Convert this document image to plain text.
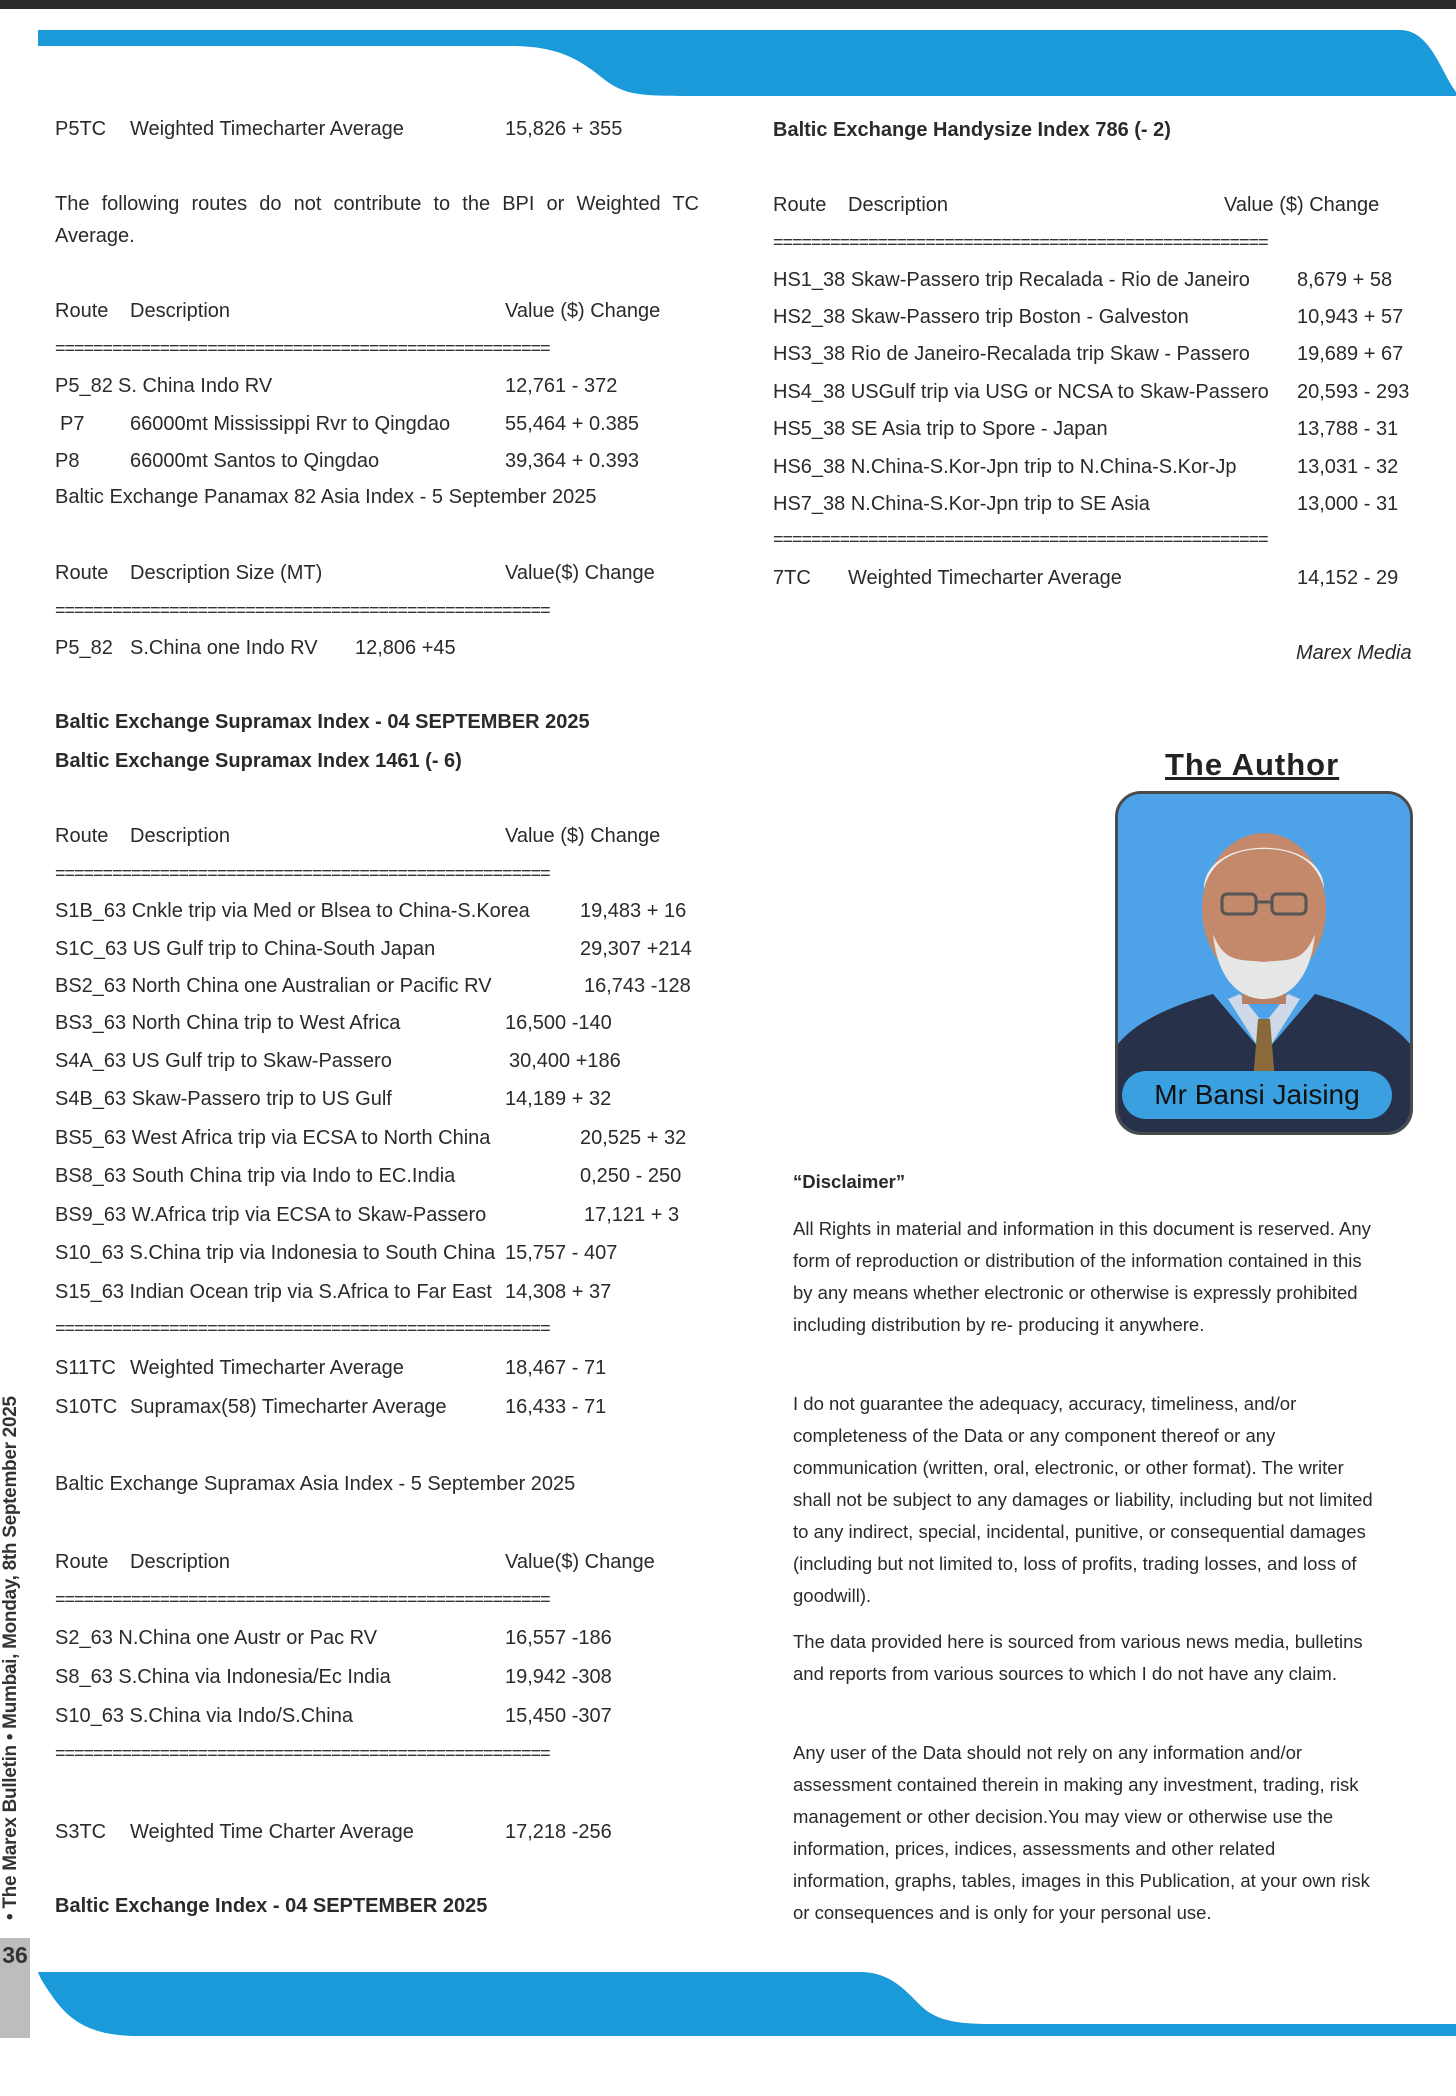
• The Marex Bulletin • Mumbai, Monday, 8th September 2025
36
P5TC Weighted Timecharter Average	15,826 + 355
The following routes do not contribute to the BPI or Weighted TC
Average.
Route Description	Value ($) Change
====================================================
P5_82 S. China Indo RV	12,761 - 372
P7 66000mt Mississippi Rvr to Qingdao	55,464 + 0.385
P8	66000mt Santos to Qingdao	39,364 + 0.393
Baltic Exchange Panamax 82 Asia Index - 5 September 2025
Route Description Size (MT)	Value($) Change
====================================================
P5_82 S.China one Indo RV 12,806 +45
Baltic Exchange Supramax Index - 04 SEPTEMBER 2025
Baltic Exchange Supramax Index 1461 (- 6)
Route Description	Value ($) Change
====================================================
S1B_63 Cnkle trip via Med or Blsea to China-S.Korea	19,483 + 16
S1C_63 US Gulf trip to China-South Japan	29,307 +214
BS2_63 North China one Australian or Pacific RV	16,743 -128
BS3_63 North China trip to West Africa	16,500 -140
S4A_63 US Gulf trip to Skaw-Passero	30,400 +186
S4B_63 Skaw-Passero trip to US Gulf	14,189 + 32
BS5_63 West Africa trip via ECSA to North China	20,525 + 32
BS8_63 South China trip via Indo to EC.India	0,250 - 250
BS9_63 W.Africa trip via ECSA to Skaw-Passero	17,121 + 3
S10_63 S.China trip via Indonesia to South China 15,757 - 407
S15_63 Indian Ocean trip via S.Africa to Far East 14,308 + 37
====================================================
S11TC Weighted Timecharter Average	18,467 - 71
S10TC Supramax(58) Timecharter Average	16,433 - 71
Baltic Exchange Supramax Asia Index - 5 September 2025
Route Description	Value($) Change
====================================================
S2_63 N.China one Austr or Pac RV	16,557 -186
S8_63 S.China via Indonesia/Ec India	19,942 -308
S10_63 S.China via Indo/S.China	15,450 -307
====================================================
S3TC Weighted Time Charter Average	17,218 -256
Baltic Exchange Index - 04 SEPTEMBER 2025
Baltic Exchange Handysize Index 786 (- 2)
Route Description	Value ($) Change
====================================================
HS1_38 Skaw-Passero trip Recalada - Rio de Janeiro 8,679 + 58
HS2_38 Skaw-Passero trip Boston - Galveston	10,943 + 57
HS3_38 Rio de Janeiro-Recalada trip Skaw - Passero 19,689 + 67
HS4_38 USGulf trip via USG or NCSA to Skaw-Passero 20,593 - 293
HS5_38 SE Asia trip to Spore - Japan	13,788 - 31
HS6_38 N.China-S.Kor-Jpn trip to N.China-S.Kor-Jp	13,031 - 32
HS7_38 N.China-S.Kor-Jpn trip to SE Asia	13,000 - 31
====================================================
7TC Weighted Timecharter Average	14,152 - 29
Marex Media
The Author
Mr Bansi Jaising
“Disclaimer”
All Rights in material and information in this document is reserved. Any form of reproduction or distribution of the information contained in this by any means whether electronic or otherwise is expressly prohibited including distribution by re- producing it anywhere.
I do not guarantee the adequacy, accuracy, timeliness, and/or completeness of the Data or any component thereof or any communication (written, oral, electronic, or other format). The writer shall not be subject to any damages or liability, including but not limited to any indirect, special, incidental, punitive, or consequential damages (including but not limited to, loss of profits, trading losses, and loss of goodwill).
The data provided here is sourced from various news media, bulletins and reports from various sources to which I do not have any claim.
Any user of the Data should not rely on any information and/or assessment contained therein in making any investment, trading, risk management or other decision.You may view or otherwise use the information, prices, indices, assessments and other related information, graphs, tables, images in this Publication, at your own risk or consequences and is only for your personal use.
